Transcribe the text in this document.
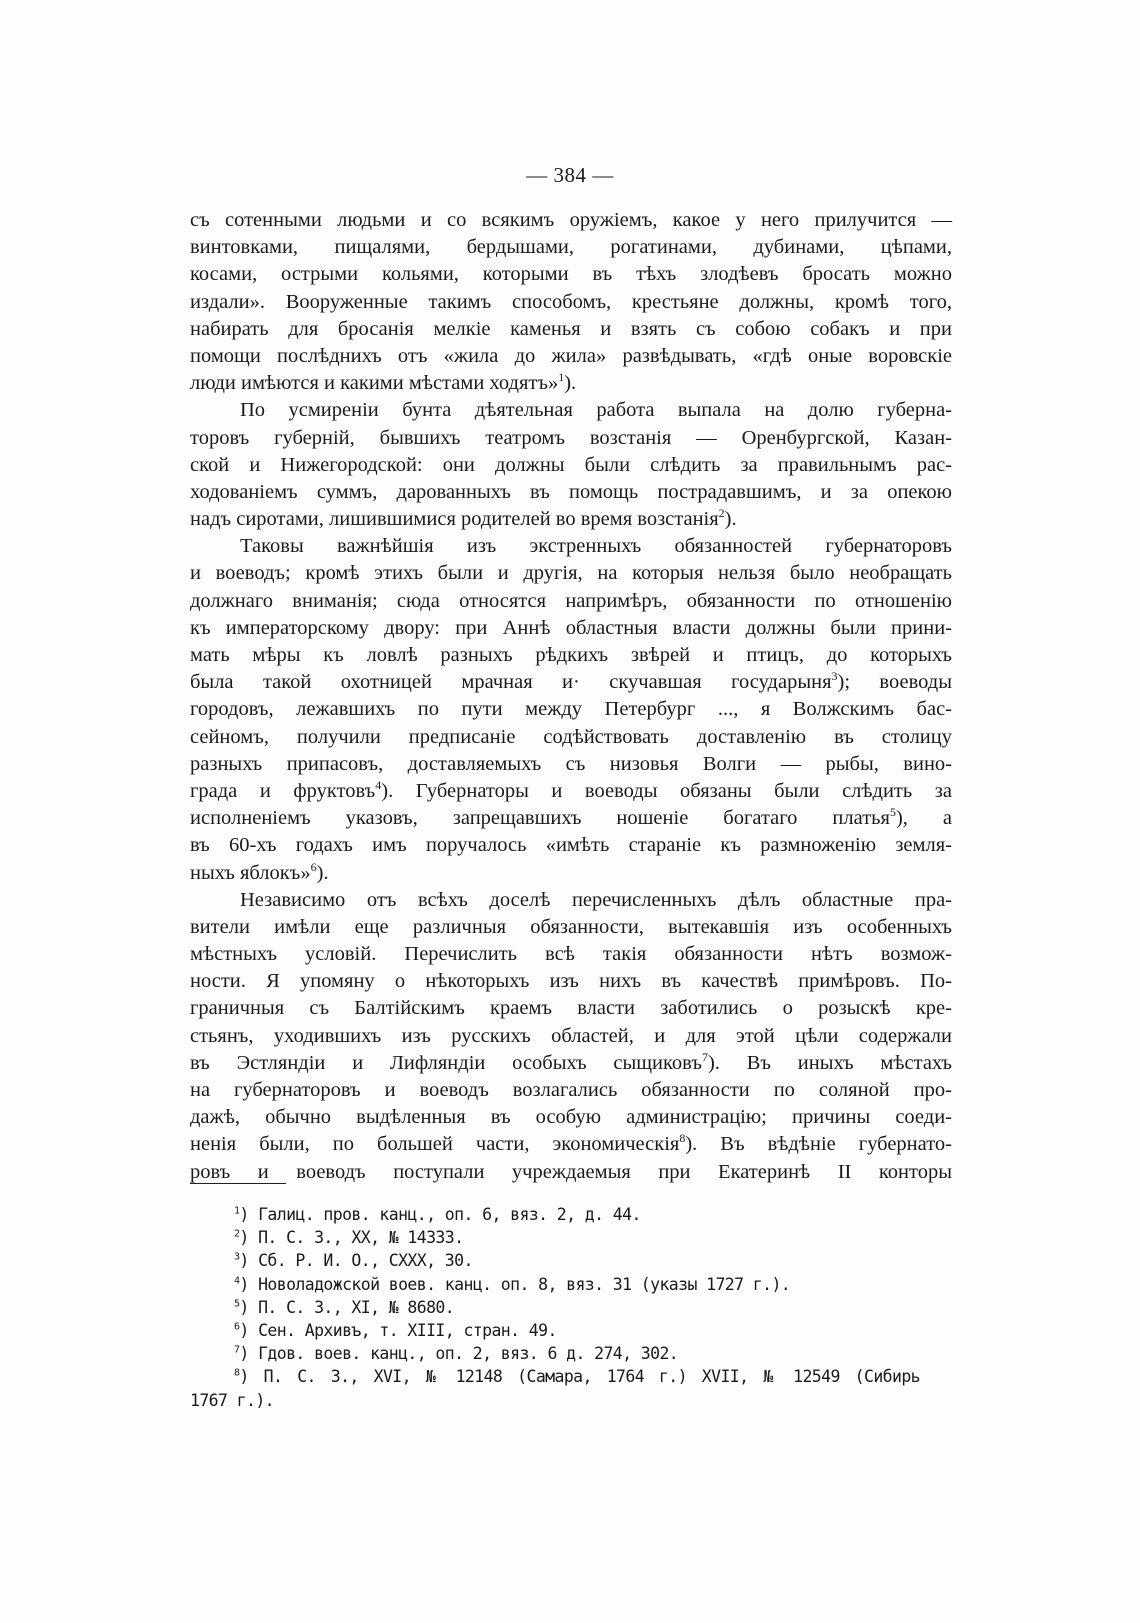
— 384 —
съ сотенными людьми и со всякимъ оружіемъ, какое у него прилучится —
винтовками, пищалями, бердышами, рогатинами, дубинами, цѣпами,
косами, острыми кольями, которыми въ тѣхъ злодѣевъ бросать можно
издали». Вооруженные такимъ способомъ, крестьяне должны, кромѣ того,
набирать для бросанія мелкіе каменья и взять съ собою собакъ и при
помощи послѣднихъ отъ «жила до жила» развѣдывать, «гдѣ оные воровскіе
люди имѣются и какими мѣстами ходятъ»$^1$).
По усмиреніи бунта дѣятельная работа выпала на долю губерна-
торовъ губерній, бывшихъ театромъ возстанія — Оренбургской, Казан-
ской и Нижегородской: они должны были слѣдить за правильнымъ рас-
ходованіемъ суммъ, дарованныхъ въ помощь пострадавшимъ, и за опекою
надъ сиротами, лишившимися родителей во время возстанія$^2$).
Таковы важнѣйшія изъ экстренныхъ обязанностей губернаторовъ
и воеводъ; кромѣ этихъ были и другія, на которыя нельзя было необращать
должнаго вниманія; сюда относятся напримѣръ, обязанности по отношенію
къ императорскому двору: при Аннѣ областныя власти должны были прини-
мать мѣры къ ловлѣ разныхъ рѣдкихъ звѣрей и птицъ, до которыхъ
была такой охотницей мрачная и· скучавшая государыня$^3$); воеводы
городовъ, лежавшихъ по пути между Петербург ..., я Волжскимъ бас-
сейномъ, получили предписаніе содѣйствовать доставленію въ столицу
разныхъ припасовъ, доставляемыхъ съ низовья Волги — рыбы, вино-
града и фруктовъ$^4$). Губернаторы и воеводы обязаны были слѣдить за
исполненіемъ указовъ, запрещавшихъ ношеніе богатаго платья$^5$), а
въ 60-хъ годахъ имъ поручалось «имѣть стараніе къ размноженію земля-
ныхъ яблокъ»$^6$).
Независимо отъ всѣхъ доселѣ перечисленныхъ дѣлъ областные пра-
вители имѣли еще различныя обязанности, вытекавшія изъ особенныхъ
мѣстныхъ условій. Перечислить всѣ такія обязанности нѣтъ возмож-
ности. Я упомяну о нѣкоторыхъ изъ нихъ въ качествѣ примѣровъ. По-
граничныя съ Балтійскимъ краемъ власти заботились о розыскѣ кре-
стьянъ, уходившихъ изъ русскихъ областей, и для этой цѣли содержали
въ Эстляндіи и Лифляндіи особыхъ сыщиковъ$^7$). Въ иныхъ мѣстахъ
на губернаторовъ и воеводъ возлагались обязанности по соляной про-
дажѣ, обычно выдѣленныя въ особую администрацію; причины соеди-
ненія были, по большей части, экономическія$^8$). Въ вѣдѣніе губернато-
ровъ и воеводъ поступали учреждаемыя при Екатеринѣ II конторы
$^1$) Галиц. пров. канц., оп. 6, вяз. 2, д. 44.
$^2$) П. С. З., XX, № 14333.
$^3$) Сб. Р. И. О., CXXX, 30.
$^4$) Новоладожской воев. канц. оп. 8, вяз. 31 (указы 1727 г.).
$^5$) П. С. З., XI, № 8680.
$^6$) Сен. Архивъ, т. XIII, стран. 49.
$^7$) Гдов. воев. канц., оп. 2, вяз. 6 д. 274, 302.
$^8$) П. С. З., XVI, № 12148 (Самара, 1764 г.) XVII, № 12549 (Сибирь
1767 г.).
